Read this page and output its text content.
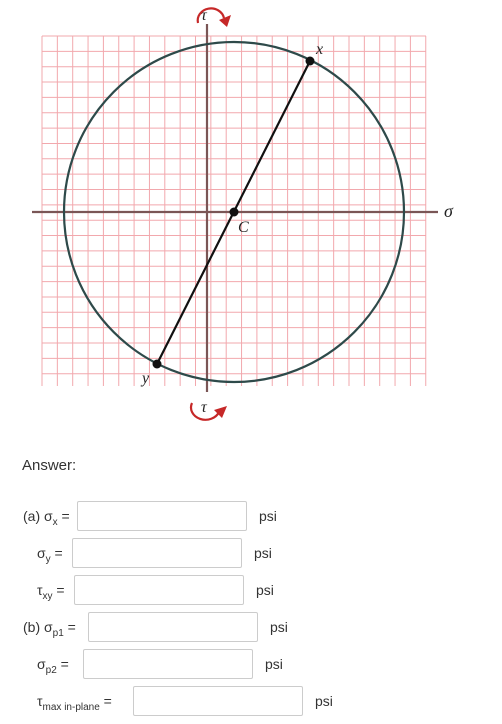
x
C
y
σ
τ
τ
Answer:
(a) $\sigma_x$ =	psi
$\sigma_y$ =	psi
$\tau_{xy}$ =	psi
(b) $\sigma_{p1}$ =	psi
$\sigma_{p2}$ =	psi
$\tau_{max in-plane}$ =	psi
